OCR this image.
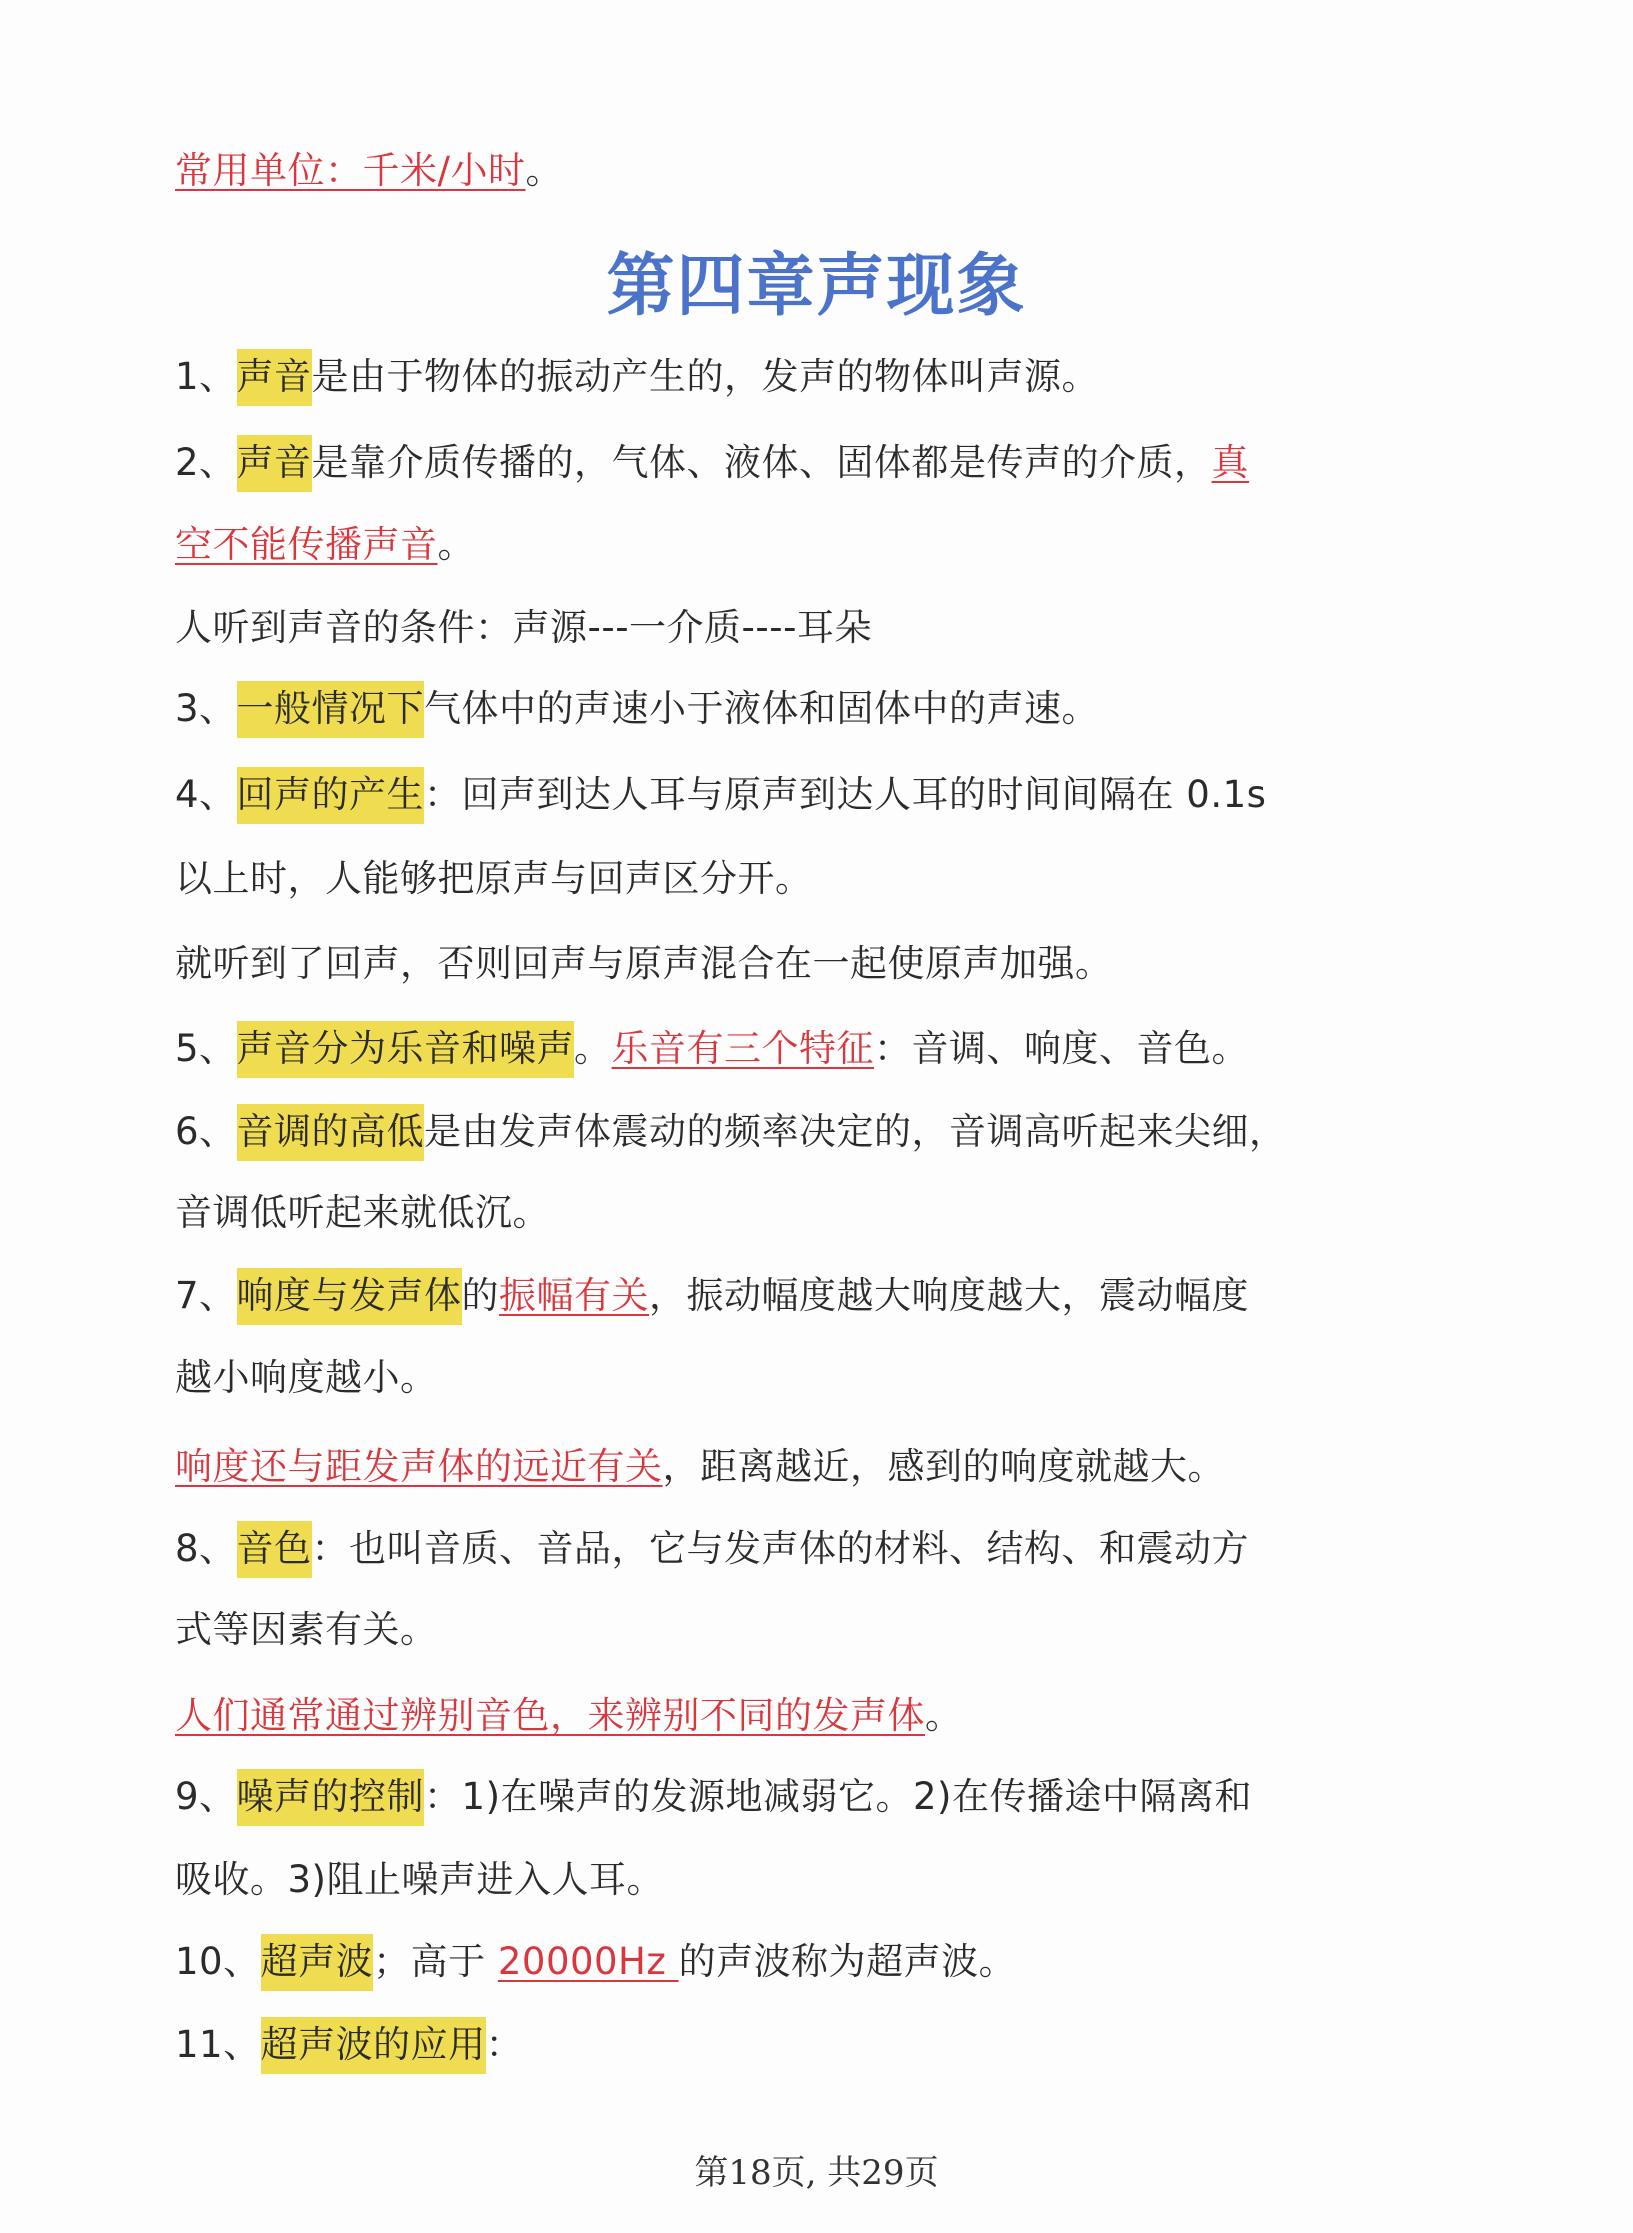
常用单位：千米/小时。
第四章声现象
1、声音是由于物体的振动产生的，发声的物体叫声源。
2、声音是靠介质传播的，气体、液体、固体都是传声的介质，真
空不能传播声音。
人听到声音的条件：声源---一介质----耳朵
3、一般情况下气体中的声速小于液体和固体中的声速。
4、回声的产生：回声到达人耳与原声到达人耳的时间间隔在 0.1s
以上时，人能够把原声与回声区分开。
就听到了回声，否则回声与原声混合在一起使原声加强。
5、声音分为乐音和噪声。乐音有三个特征：音调、响度、音色。
6、音调的高低是由发声体震动的频率决定的，音调高听起来尖细，
音调低听起来就低沉。
7、响度与发声体的振幅有关，振动幅度越大响度越大，震动幅度
越小响度越小。
响度还与距发声体的远近有关，距离越近，感到的响度就越大。
8、音色：也叫音质、音品，它与发声体的材料、结构、和震动方
式等因素有关。
人们通常通过辨别音色，来辨别不同的发声体。
9、噪声的控制：1)在噪声的发源地减弱它。2)在传播途中隔离和
吸收。3)阻止噪声进入人耳。
10、超声波；高于 20000Hz 的声波称为超声波。
11、超声波的应用：
第18页, 共29页
